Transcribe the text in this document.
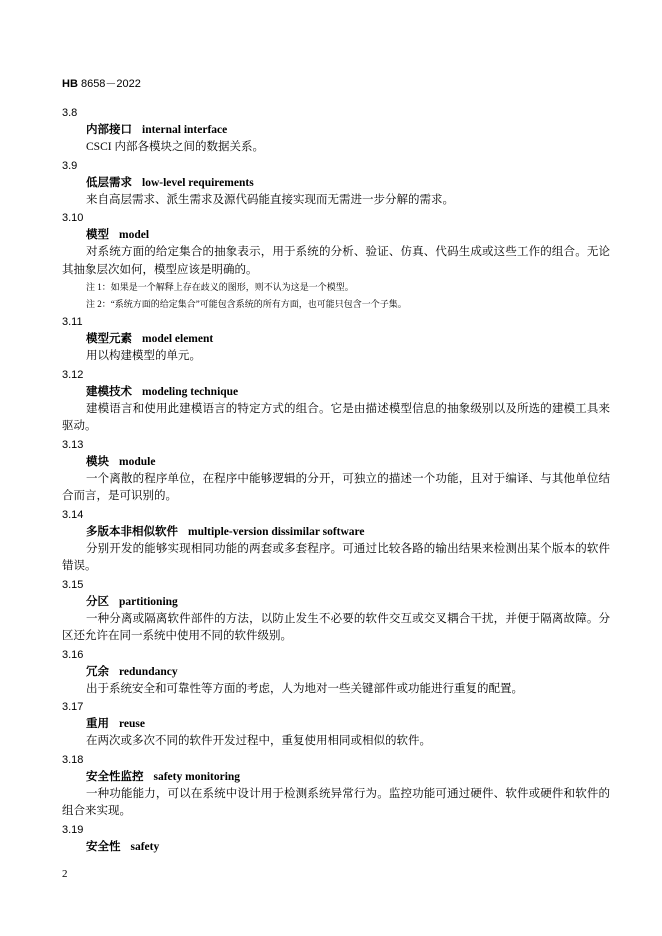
HB 8658－2022
3.8
内部接口 internal interface
CSCI 内部各模块之间的数据关系。
3.9
低层需求 low-level requirements
来自高层需求、派生需求及源代码能直接实现而无需进一步分解的需求。
3.10
模型 model
对系统方面的给定集合的抽象表示，用于系统的分析、验证、仿真、代码生成或这些工作的组合。无论其抽象层次如何，模型应该是明确的。
注 1：如果是一个解释上存在歧义的图形，则不认为这是一个模型。
注 2：“系统方面的给定集合”可能包含系统的所有方面，也可能只包含一个子集。
3.11
模型元素 model element
用以构建模型的单元。
3.12
建模技术 modeling technique
建模语言和使用此建模语言的特定方式的组合。它是由描述模型信息的抽象级别以及所选的建模工具来驱动。
3.13
模块 module
一个离散的程序单位，在程序中能够逻辑的分开，可独立的描述一个功能，且对于编译、与其他单位结合而言，是可识别的。
3.14
多版本非相似软件 multiple-version dissimilar software
分别开发的能够实现相同功能的两套或多套程序。可通过比较各路的输出结果来检测出某个版本的软件错误。
3.15
分区 partitioning
一种分离或隔离软件部件的方法，以防止发生不必要的软件交互或交叉耦合干扰，并便于隔离故障。分区还允许在同一系统中使用不同的软件级别。
3.16
冗余 redundancy
出于系统安全和可靠性等方面的考虑，人为地对一些关键部件或功能进行重复的配置。
3.17
重用 reuse
在两次或多次不同的软件开发过程中，重复使用相同或相似的软件。
3.18
安全性监控 safety monitoring
一种功能能力，可以在系统中设计用于检测系统异常行为。监控功能可通过硬件、软件或硬件和软件的组合来实现。
3.19
安全性 safety
2
